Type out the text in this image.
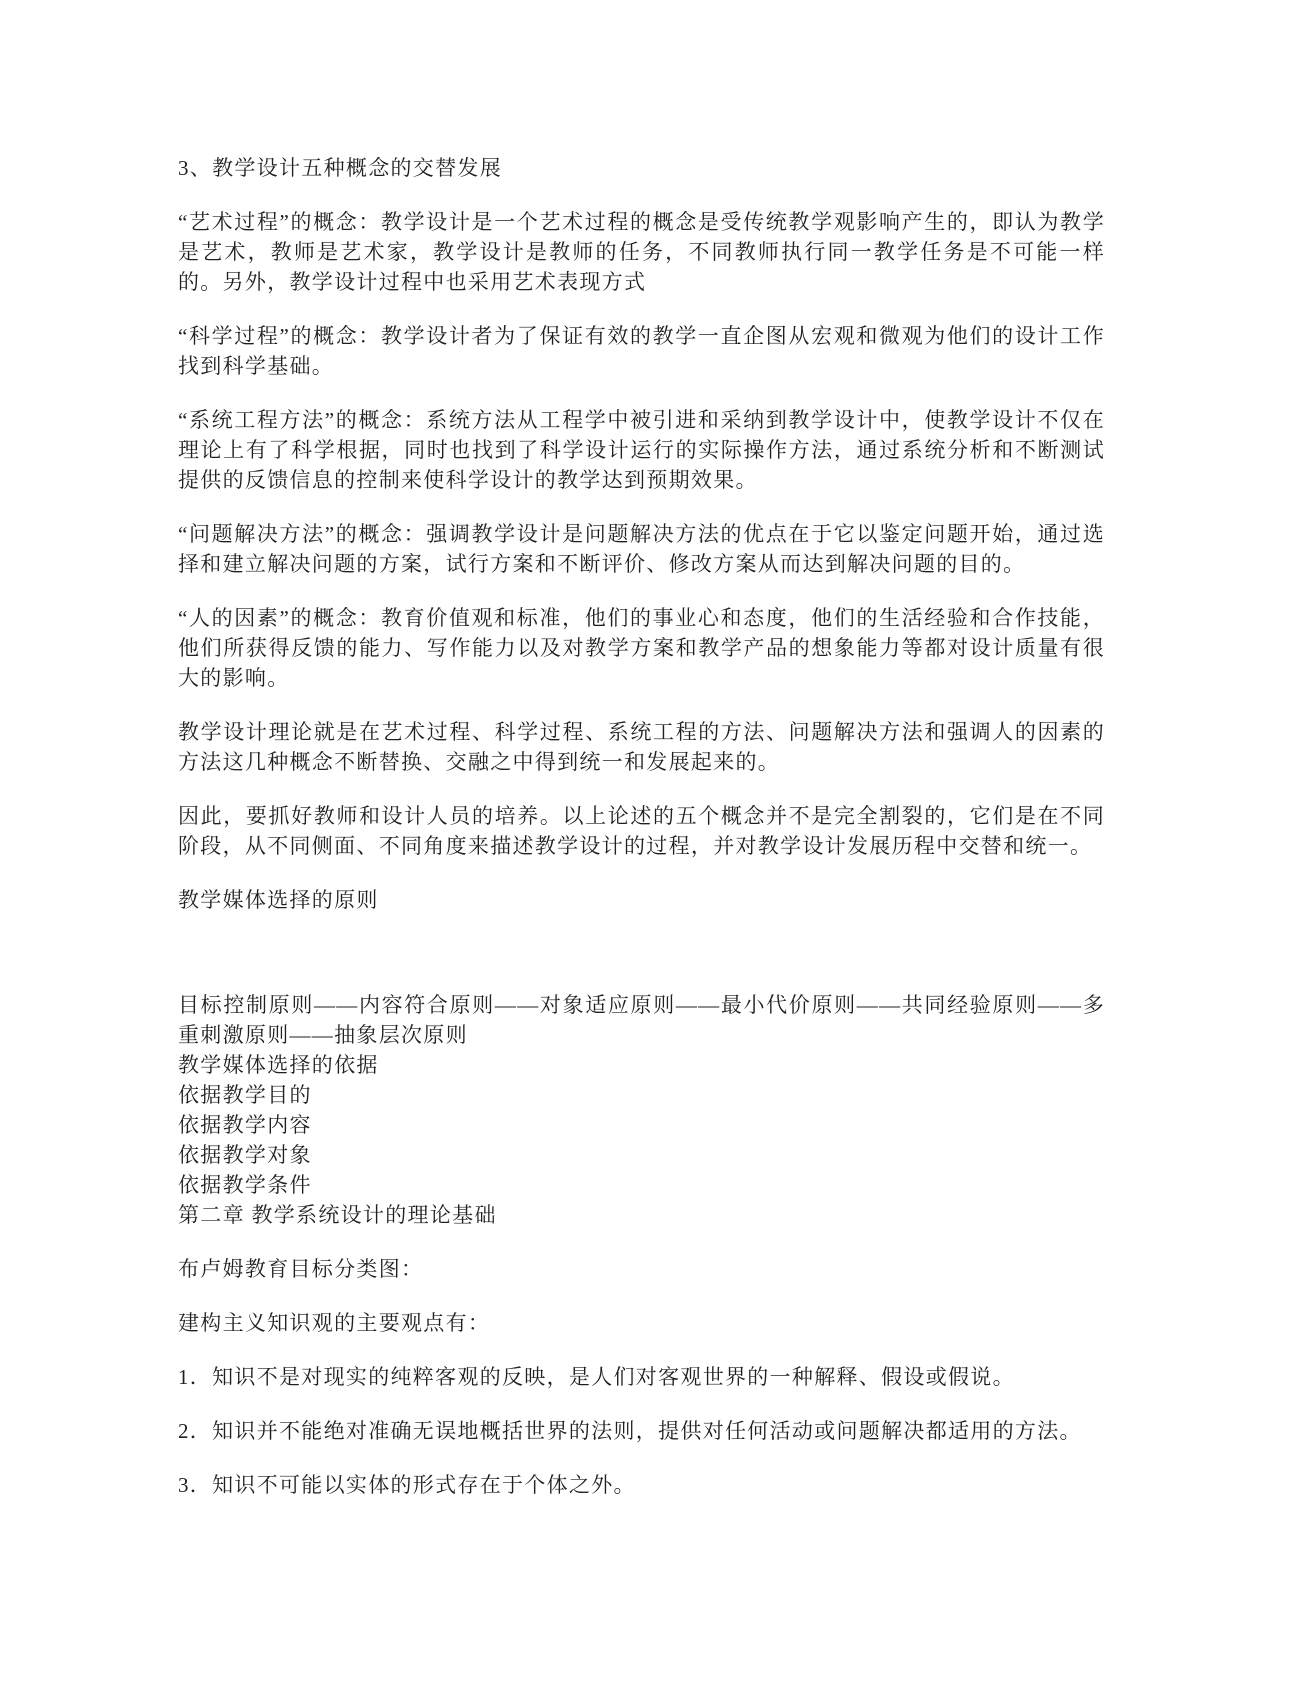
3、教学设计五种概念的交替发展

“艺术过程”的概念：教学设计是一个艺术过程的概念是受传统教学观影响产生的，即认为教学是艺术，教师是艺术家，教学设计是教师的任务，不同教师执行同一教学任务是不可能一样的。另外，教学设计过程中也采用艺术表现方式

“科学过程”的概念：教学设计者为了保证有效的教学一直企图从宏观和微观为他们的设计工作找到科学基础。

“系统工程方法”的概念：系统方法从工程学中被引进和采纳到教学设计中，使教学设计不仅在理论上有了科学根据，同时也找到了科学设计运行的实际操作方法，通过系统分析和不断测试提供的反馈信息的控制来使科学设计的教学达到预期效果。

“问题解决方法”的概念：强调教学设计是问题解决方法的优点在于它以鉴定问题开始，通过选择和建立解决问题的方案，试行方案和不断评价、修改方案从而达到解决问题的目的。

“人的因素”的概念：教育价值观和标准，他们的事业心和态度，他们的生活经验和合作技能，他们所获得反馈的能力、写作能力以及对教学方案和教学产品的想象能力等都对设计质量有很大的影响。

教学设计理论就是在艺术过程、科学过程、系统工程的方法、问题解决方法和强调人的因素的方法这几种概念不断替换、交融之中得到统一和发展起来的。

因此，要抓好教师和设计人员的培养。以上论述的五个概念并不是完全割裂的，它们是在不同阶段，从不同侧面、不同角度来描述教学设计的过程，并对教学设计发展历程中交替和统一。

教学媒体选择的原则

目标控制原则——内容符合原则——对象适应原则——最小代价原则——共同经验原则——多重刺激原则——抽象层次原则
教学媒体选择的依据
依据教学目的
依据教学内容
依据教学对象
依据教学条件
第二章 教学系统设计的理论基础

布卢姆教育目标分类图：

建构主义知识观的主要观点有：

1．知识不是对现实的纯粹客观的反映，是人们对客观世界的一种解释、假设或假说。

2．知识并不能绝对准确无误地概括世界的法则，提供对任何活动或问题解决都适用的方法。

3．知识不可能以实体的形式存在于个体之外。
